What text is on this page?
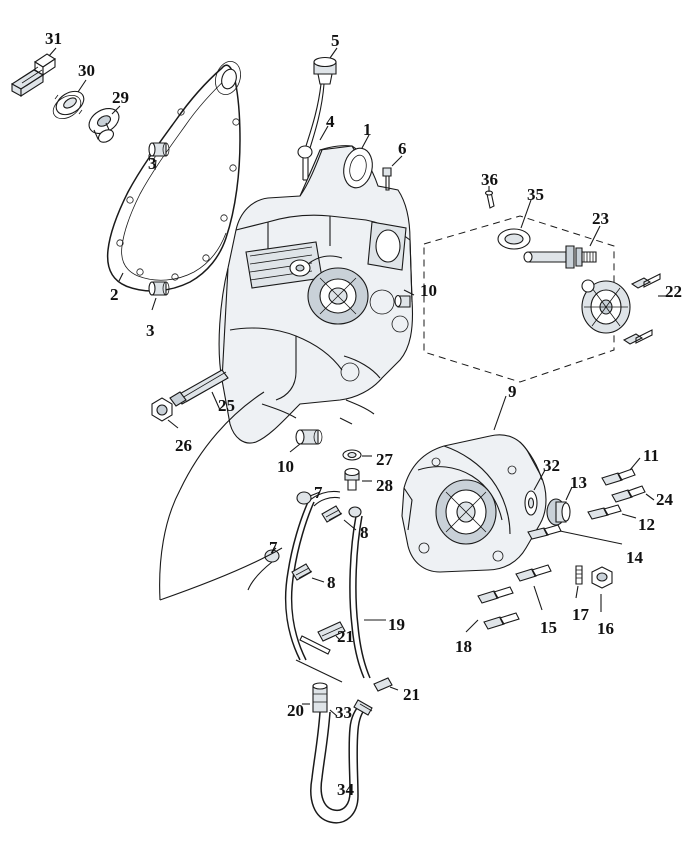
31
30
29
5
4 1
6
36
35
23
3
22
2
3
10
9
25
26
10	27
28
32
13
11
24
12
14
7
8
7
8
17
16
15
18
19
21
21
20 33
34
